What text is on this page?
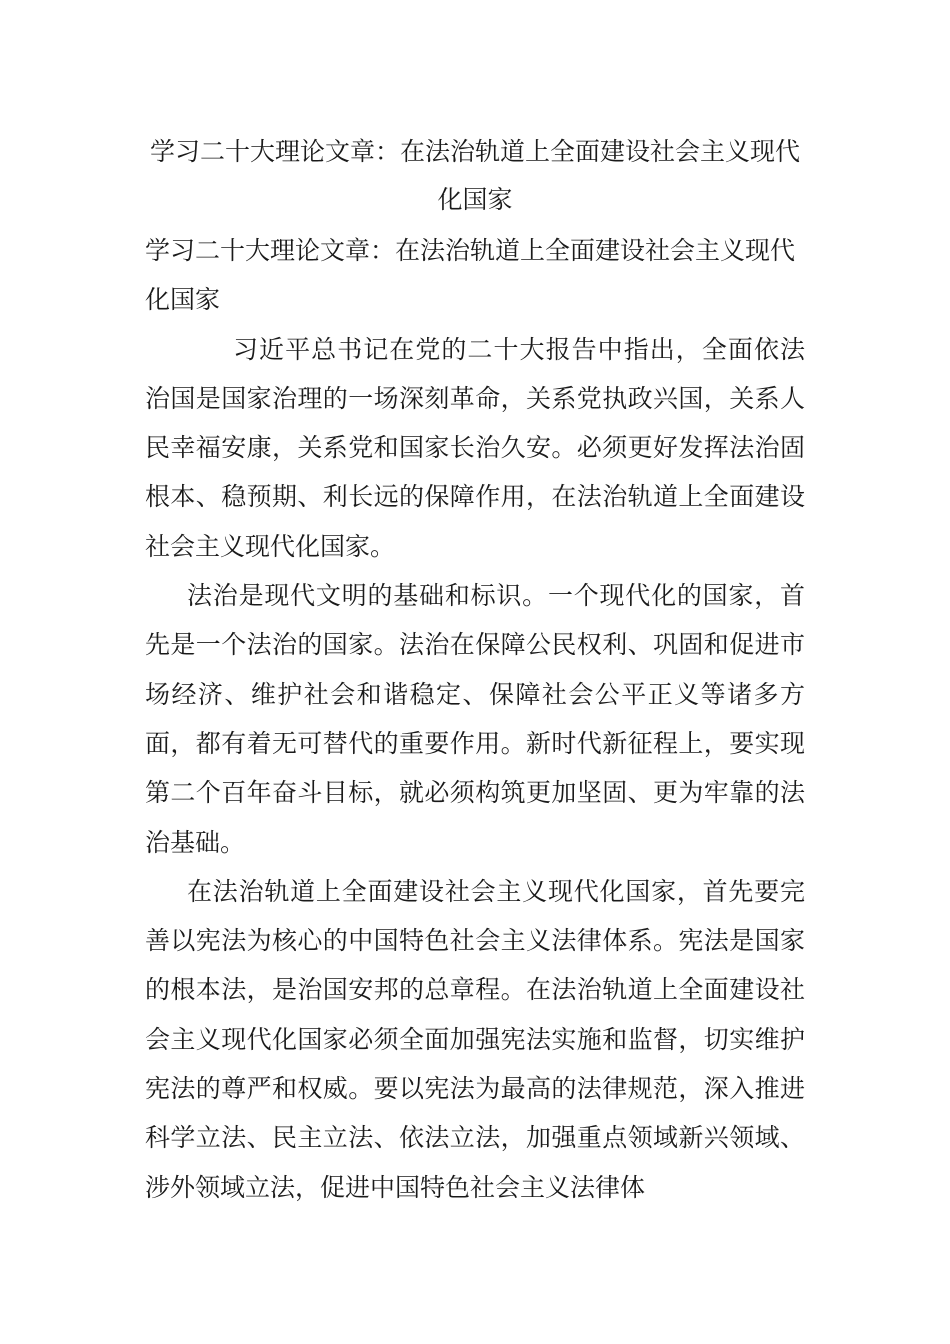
学习二十大理论文章：在法治轨道上全面建设社会主义现代化国家

学习二十大理论文章：在法治轨道上全面建设社会主义现代化国家

习近平总书记在党的二十大报告中指出，全面依法治国是国家治理的一场深刻革命，关系党执政兴国，关系人民幸福安康，关系党和国家长治久安。必须更好发挥法治固根本、稳预期、利长远的保障作用，在法治轨道上全面建设社会主义现代化国家。

法治是现代文明的基础和标识。一个现代化的国家，首先是一个法治的国家。法治在保障公民权利、巩固和促进市场经济、维护社会和谐稳定、保障社会公平正义等诸多方面，都有着无可替代的重要作用。新时代新征程上，要实现第二个百年奋斗目标，就必须构筑更加坚固、更为牢靠的法治基础。

在法治轨道上全面建设社会主义现代化国家，首先要完善以宪法为核心的中国特色社会主义法律体系。宪法是国家的根本法，是治国安邦的总章程。在法治轨道上全面建设社会主义现代化国家必须全面加强宪法实施和监督，切实维护宪法的尊严和权威。要以宪法为最高的法律规范，深入推进科学立法、民主立法、依法立法，加强重点领域新兴领域、涉外领域立法，促进中国特色社会主义法律体
